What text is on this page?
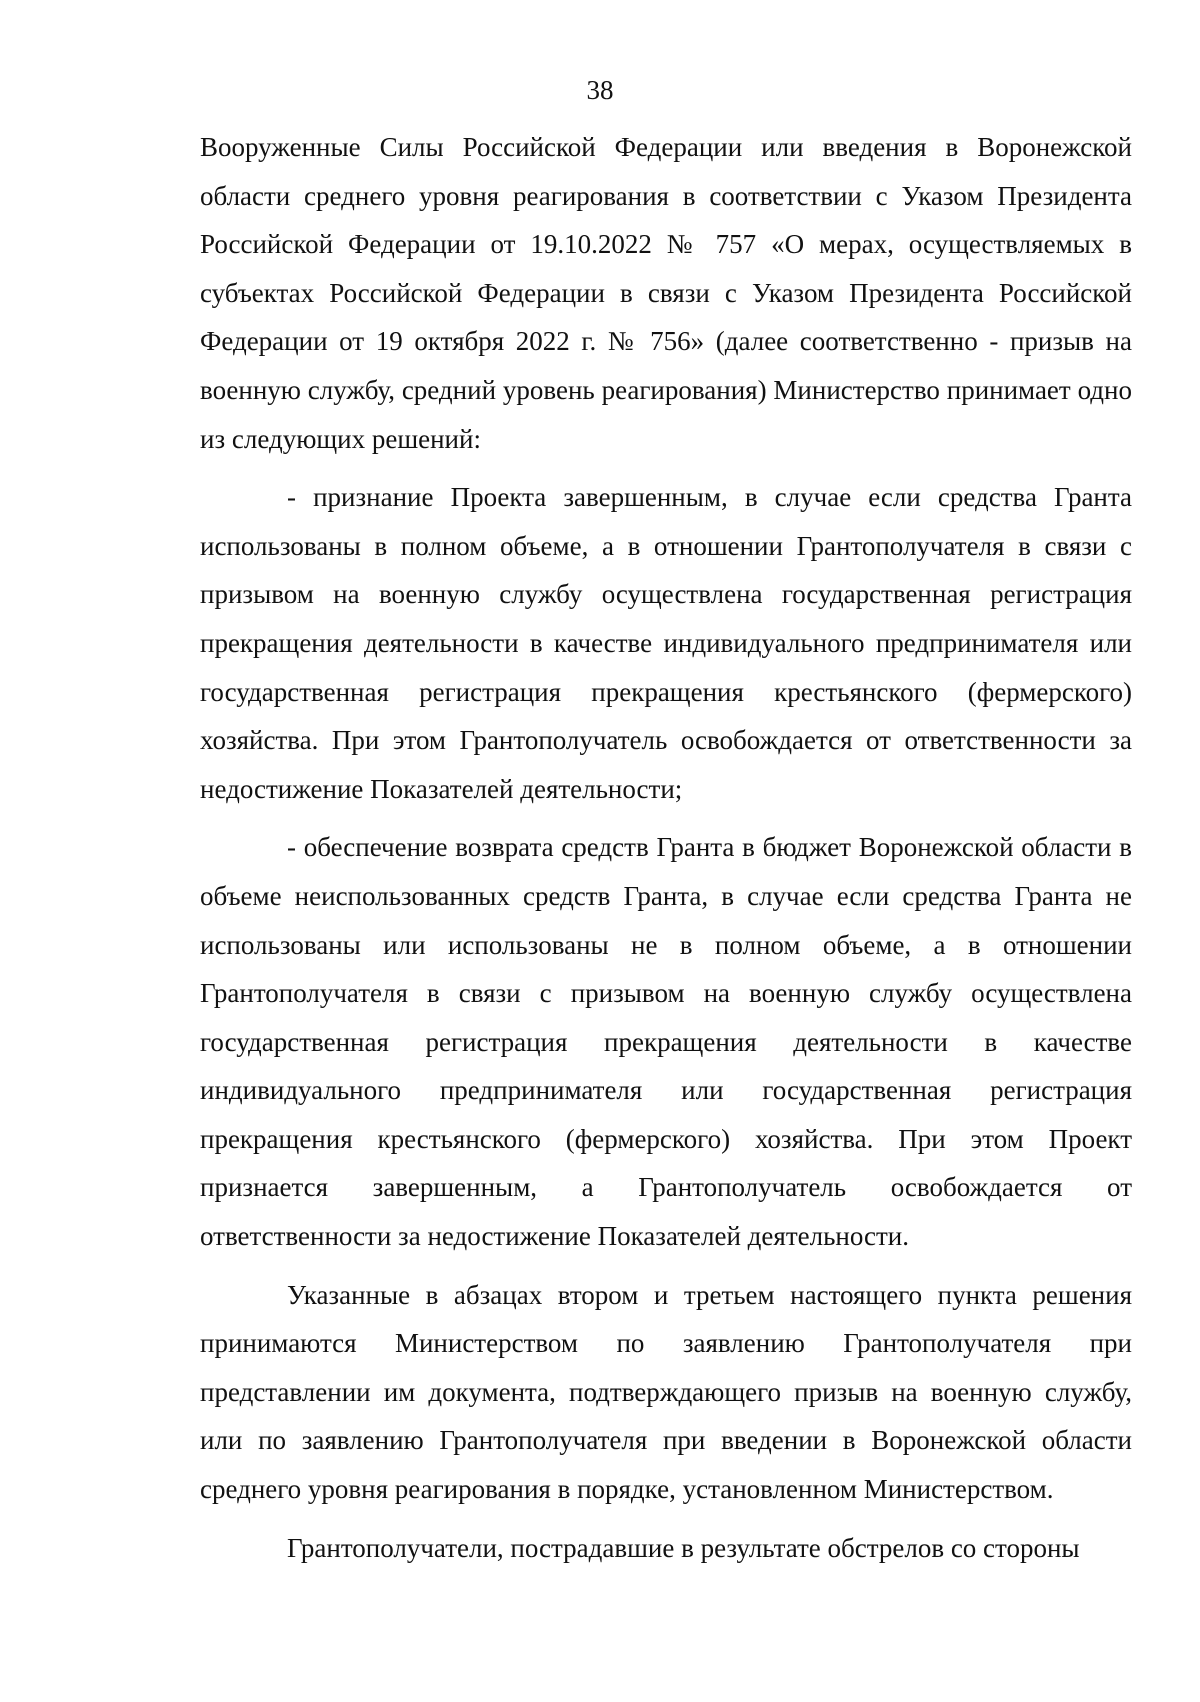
38

Вооруженные Силы Российской Федерации или введения в Воронежской области среднего уровня реагирования в соответствии с Указом Президента Российской Федерации от 19.10.2022 № 757 «О мерах, осуществляемых в субъектах Российской Федерации в связи с Указом Президента Российской Федерации от 19 октября 2022 г. № 756» (далее соответственно - призыв на военную службу, средний уровень реагирования) Министерство принимает одно из следующих решений:

- признание Проекта завершенным, в случае если средства Гранта использованы в полном объеме, а в отношении Грантополучателя в связи с призывом на военную службу осуществлена государственная регистрация прекращения деятельности в качестве индивидуального предпринимателя или государственная регистрация прекращения крестьянского (фермерского) хозяйства. При этом Грантополучатель освобождается от ответственности за недостижение Показателей деятельности;

- обеспечение возврата средств Гранта в бюджет Воронежской области в объеме неиспользованных средств Гранта, в случае если средства Гранта не использованы или использованы не в полном объеме, а в отношении Грантополучателя в связи с призывом на военную службу осуществлена государственная регистрация прекращения деятельности в качестве индивидуального предпринимателя или государственная регистрация прекращения крестьянского (фермерского) хозяйства. При этом Проект признается завершенным, а Грантополучатель освобождается от ответственности за недостижение Показателей деятельности.

Указанные в абзацах втором и третьем настоящего пункта решения принимаются Министерством по заявлению Грантополучателя при представлении им документа, подтверждающего призыв на военную службу, или по заявлению Грантополучателя при введении в Воронежской области среднего уровня реагирования в порядке, установленном Министерством.

Грантополучатели, пострадавшие в результате обстрелов со стороны
